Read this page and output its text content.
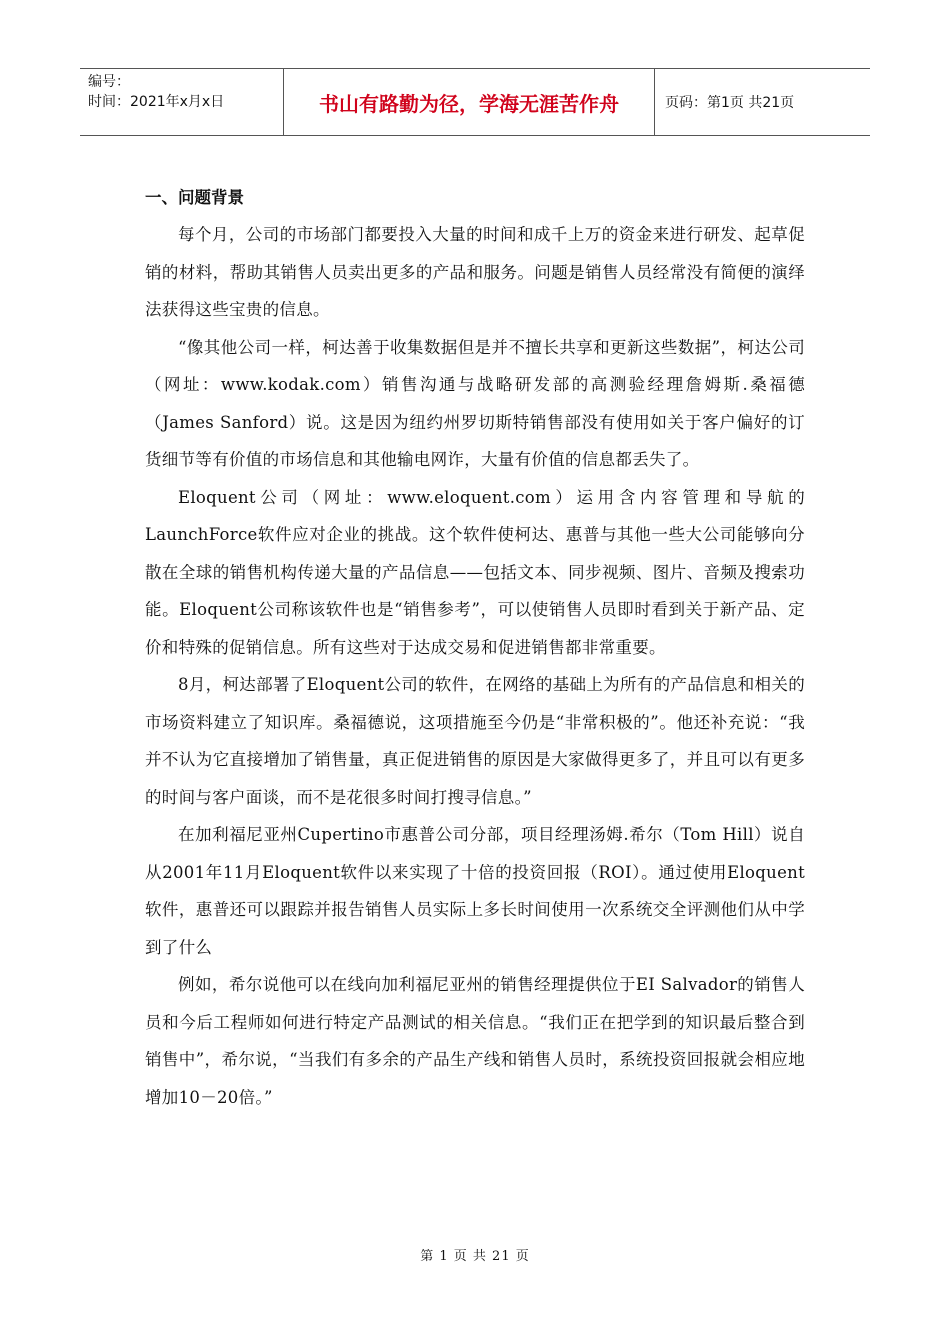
编号：
时间：2021年x月x日	书山有路勤为径，学海无涯苦作舟	页码：第1页 共21页
一、问题背景

每个月，公司的市场部门都要投入大量的时间和成千上万的资金来进行研发、起草促销的材料，帮助其销售人员卖出更多的产品和服务。问题是销售人员经常没有简便的演绎法获得这些宝贵的信息。

“像其他公司一样，柯达善于收集数据但是并不擅长共享和更新这些数据”，柯达公司（网址：www.kodak.com）销售沟通与战略研发部的高测验经理詹姆斯.桑福德（James Sanford）说。这是因为纽约州罗切斯特销售部没有使用如关于客户偏好的订货细节等有价值的市场信息和其他输电网诈，大量有价值的信息都丢失了。

Eloquent公司（网址：www.eloquent.com）运用含内容管理和导航的LaunchForce软件应对企业的挑战。这个软件使柯达、惠普与其他一些大公司能够向分散在全球的销售机构传递大量的产品信息——包括文本、同步视频、图片、音频及搜索功能。Eloquent公司称该软件也是“销售参考”，可以使销售人员即时看到关于新产品、定价和特殊的促销信息。所有这些对于达成交易和促进销售都非常重要。

8月，柯达部署了Eloquent公司的软件，在网络的基础上为所有的产品信息和相关的市场资料建立了知识库。桑福德说，这项措施至今仍是“非常积极的”。他还补充说：“我并不认为它直接增加了销售量，真正促进销售的原因是大家做得更多了，并且可以有更多的时间与客户面谈，而不是花很多时间打搜寻信息。”

在加利福尼亚州Cupertino市惠普公司分部，项目经理汤姆.希尔（Tom Hill）说自从2001年11月Eloquent软件以来实现了十倍的投资回报（ROI）。通过使用Eloquent软件，惠普还可以跟踪并报告销售人员实际上多长时间使用一次系统交全评测他们从中学到了什么

例如，希尔说他可以在线向加利福尼亚州的销售经理提供位于EI Salvador的销售人员和今后工程师如何进行特定产品测试的相关信息。“我们正在把学到的知识最后整合到销售中”，希尔说，“当我们有多余的产品生产线和销售人员时，系统投资回报就会相应地增加10－20倍。”

第 1 页 共 21 页
